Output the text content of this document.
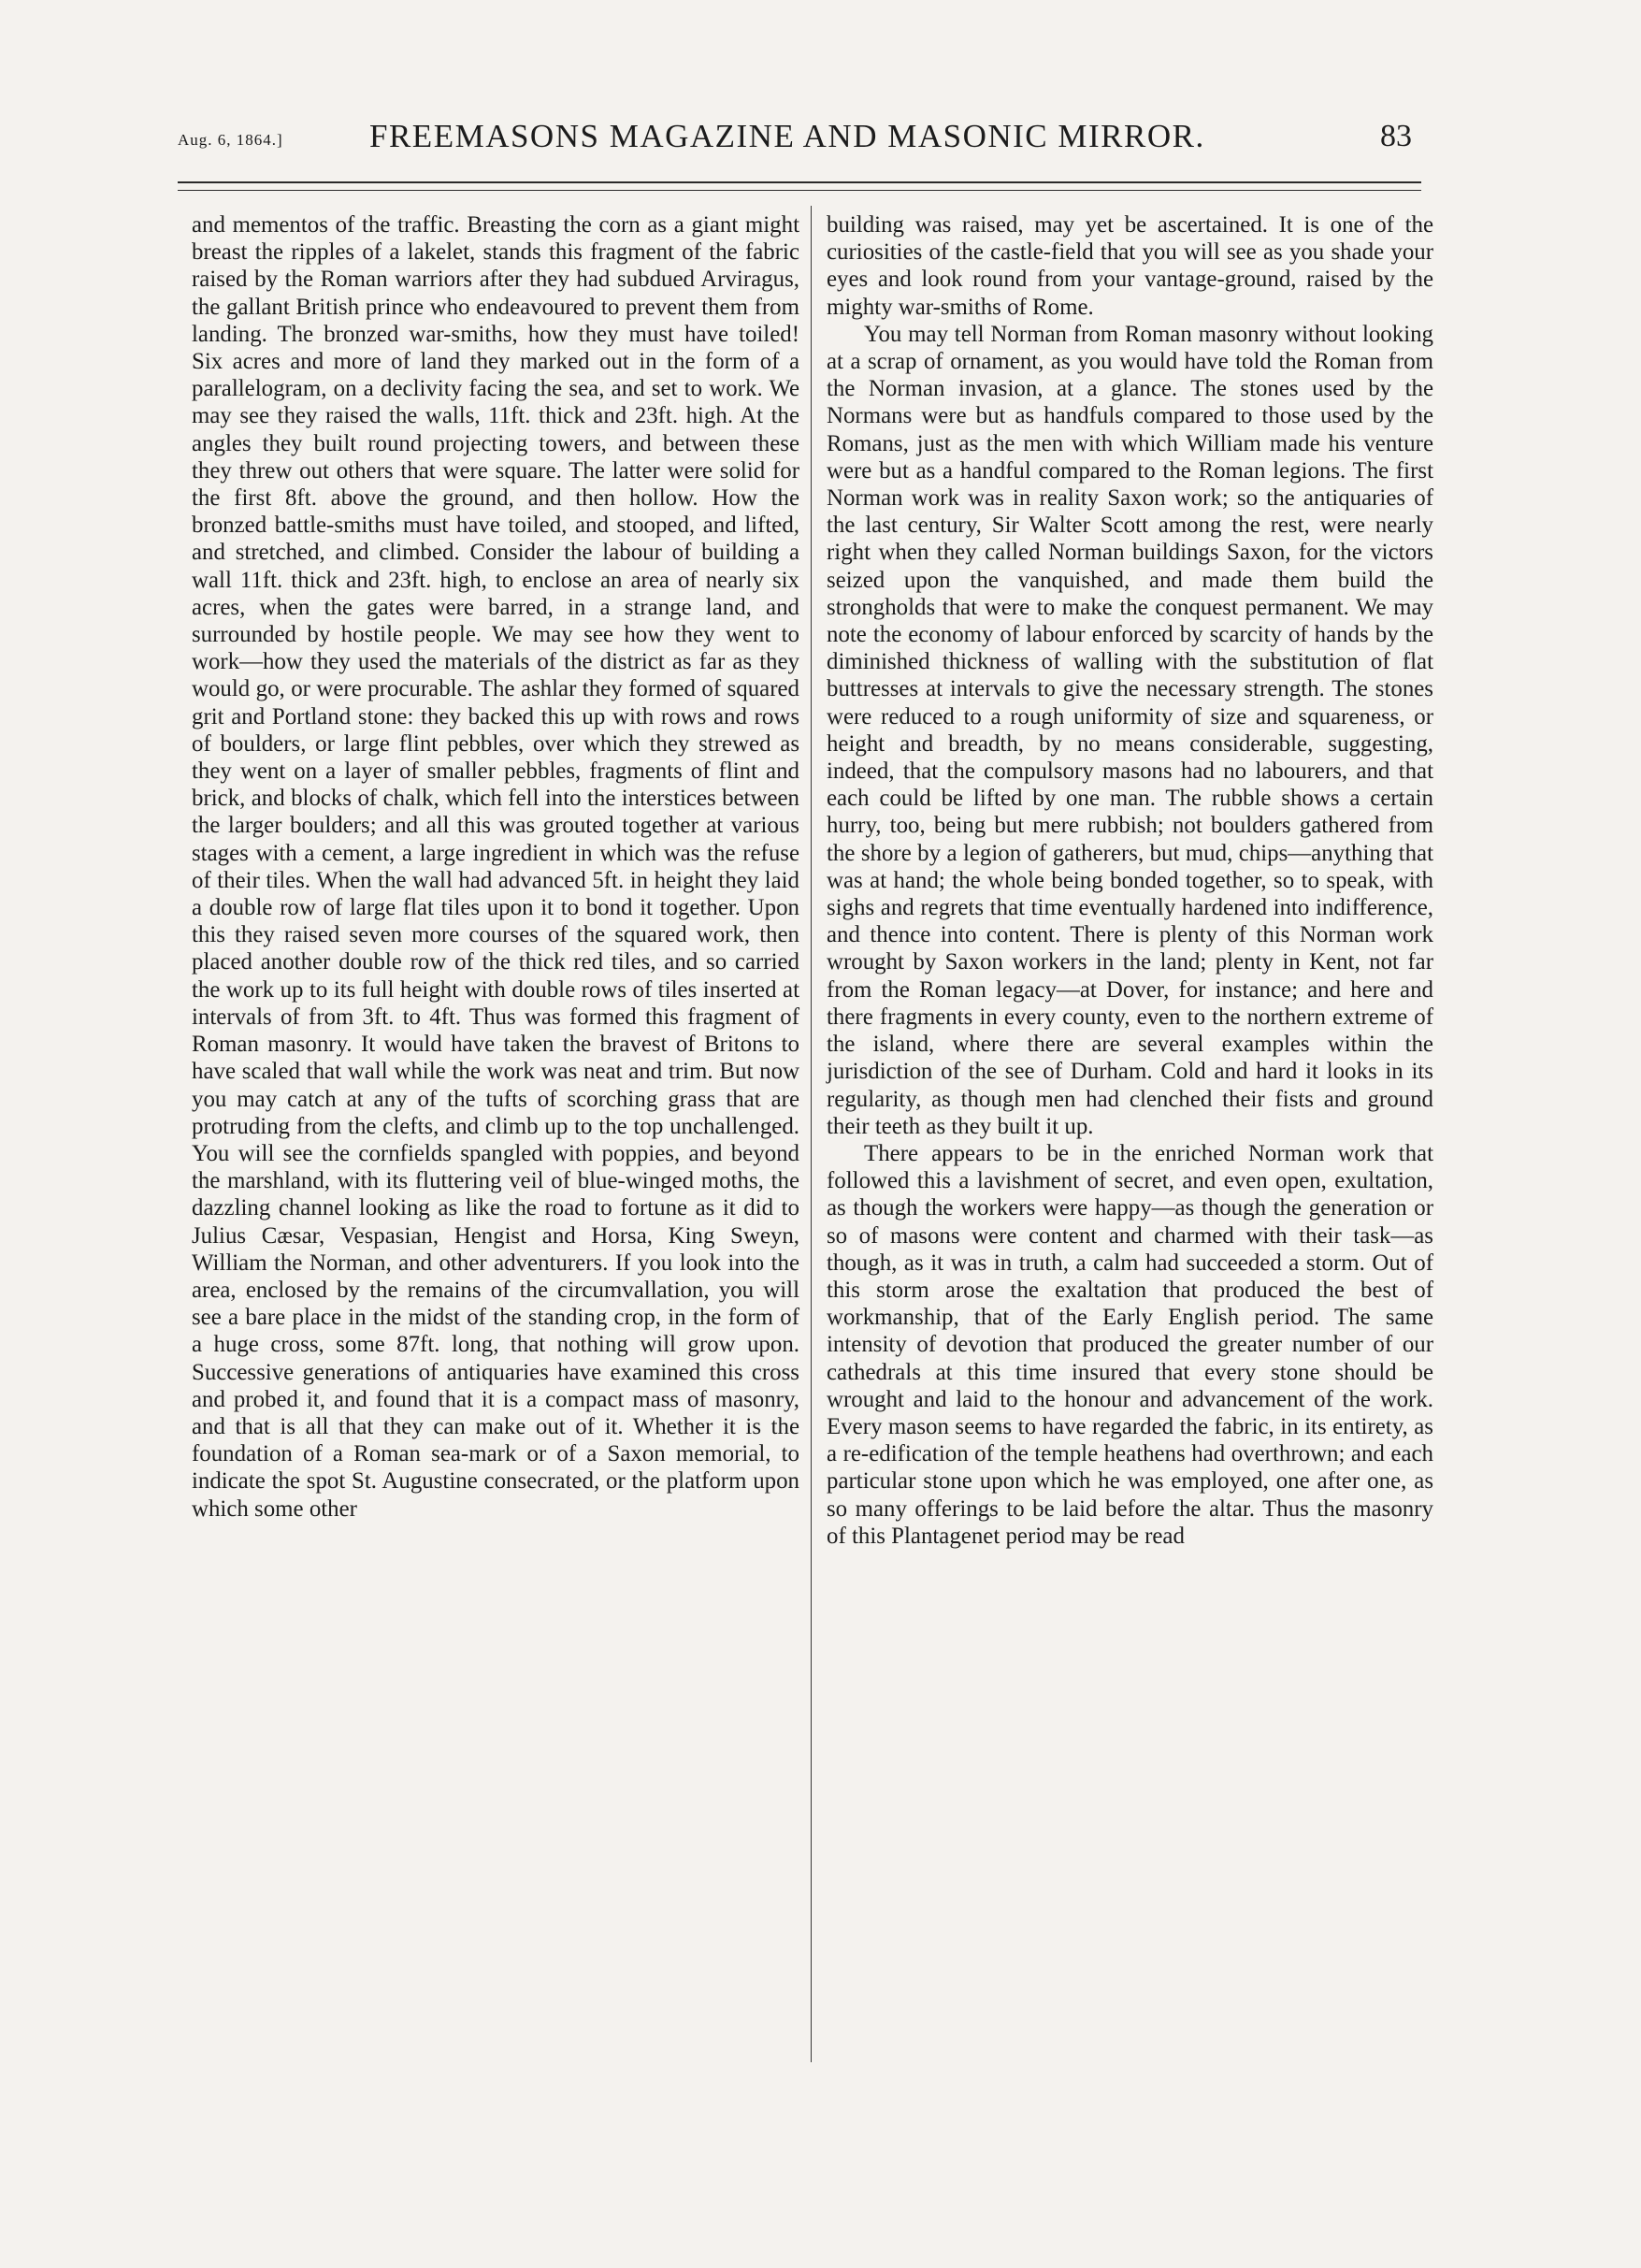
Aug. 6, 1864.]	FREEMASONS MAGAZINE AND MASONIC MIRROR.	83

and mementos of the traffic. Breasting the corn as a giant might breast the ripples of a lakelet, stands this fragment of the fabric raised by the Roman warriors after they had subdued Arviragus, the gallant British prince who endeavoured to prevent them from landing. The bronzed war-smiths, how they must have toiled! Six acres and more of land they marked out in the form of a parallelogram, on a declivity facing the sea, and set to work. We may see they raised the walls, 11ft. thick and 23ft. high. At the angles they built round projecting towers, and between these they threw out others that were square. The latter were solid for the first 8ft. above the ground, and then hollow. How the bronzed battle-smiths must have toiled, and stooped, and lifted, and stretched, and climbed. Consider the labour of building a wall 11ft. thick and 23ft. high, to enclose an area of nearly six acres, when the gates were barred, in a strange land, and surrounded by hostile people. We may see how they went to work—how they used the materials of the district as far as they would go, or were procurable. The ashlar they formed of squared grit and Portland stone: they backed this up with rows and rows of boulders, or large flint pebbles, over which they strewed as they went on a layer of smaller pebbles, fragments of flint and brick, and blocks of chalk, which fell into the interstices between the larger boulders; and all this was grouted together at various stages with a cement, a large ingredient in which was the refuse of their tiles. When the wall had advanced 5ft. in height they laid a double row of large flat tiles upon it to bond it together. Upon this they raised seven more courses of the squared work, then placed another double row of the thick red tiles, and so carried the work up to its full height with double rows of tiles inserted at intervals of from 3ft. to 4ft. Thus was formed this fragment of Roman masonry. It would have taken the bravest of Britons to have scaled that wall while the work was neat and trim. But now you may catch at any of the tufts of scorching grass that are protruding from the clefts, and climb up to the top unchallenged. You will see the cornfields spangled with poppies, and beyond the marshland, with its fluttering veil of blue-winged moths, the dazzling channel looking as like the road to fortune as it did to Julius Cæsar, Vespasian, Hengist and Horsa, King Sweyn, William the Norman, and other adventurers. If you look into the area, enclosed by the remains of the circumvallation, you will see a bare place in the midst of the standing crop, in the form of a huge cross, some 87ft. long, that nothing will grow upon. Successive generations of antiquaries have examined this cross and probed it, and found that it is a compact mass of masonry, and that is all that they can make out of it. Whether it is the foundation of a Roman sea-mark or of a Saxon memorial, to indicate the spot St. Augustine consecrated, or the platform upon which some other

building was raised, may yet be ascertained. It is one of the curiosities of the castle-field that you will see as you shade your eyes and look round from your vantage-ground, raised by the mighty war-smiths of Rome.

You may tell Norman from Roman masonry without looking at a scrap of ornament, as you would have told the Roman from the Norman invasion, at a glance. The stones used by the Normans were but as handfuls compared to those used by the Romans, just as the men with which William made his venture were but as a handful compared to the Roman legions. The first Norman work was in reality Saxon work; so the antiquaries of the last century, Sir Walter Scott among the rest, were nearly right when they called Norman buildings Saxon, for the victors seized upon the vanquished, and made them build the strongholds that were to make the conquest permanent. We may note the economy of labour enforced by scarcity of hands by the diminished thickness of walling with the substitution of flat buttresses at intervals to give the necessary strength. The stones were reduced to a rough uniformity of size and squareness, or height and breadth, by no means considerable, suggesting, indeed, that the compulsory masons had no labourers, and that each could be lifted by one man. The rubble shows a certain hurry, too, being but mere rubbish; not boulders gathered from the shore by a legion of gatherers, but mud, chips—anything that was at hand; the whole being bonded together, so to speak, with sighs and regrets that time eventually hardened into indifference, and thence into content. There is plenty of this Norman work wrought by Saxon workers in the land; plenty in Kent, not far from the Roman legacy—at Dover, for instance; and here and there fragments in every county, even to the northern extreme of the island, where there are several examples within the jurisdiction of the see of Durham. Cold and hard it looks in its regularity, as though men had clenched their fists and ground their teeth as they built it up.

There appears to be in the enriched Norman work that followed this a lavishment of secret, and even open, exultation, as though the workers were happy—as though the generation or so of masons were content and charmed with their task—as though, as it was in truth, a calm had succeeded a storm. Out of this storm arose the exaltation that produced the best of workmanship, that of the Early English period. The same intensity of devotion that produced the greater number of our cathedrals at this time insured that every stone should be wrought and laid to the honour and advancement of the work. Every mason seems to have regarded the fabric, in its entirety, as a re-edification of the temple heathens had overthrown; and each particular stone upon which he was employed, one after one, as so many offerings to be laid before the altar. Thus the masonry of this Plantagenet period may be read
